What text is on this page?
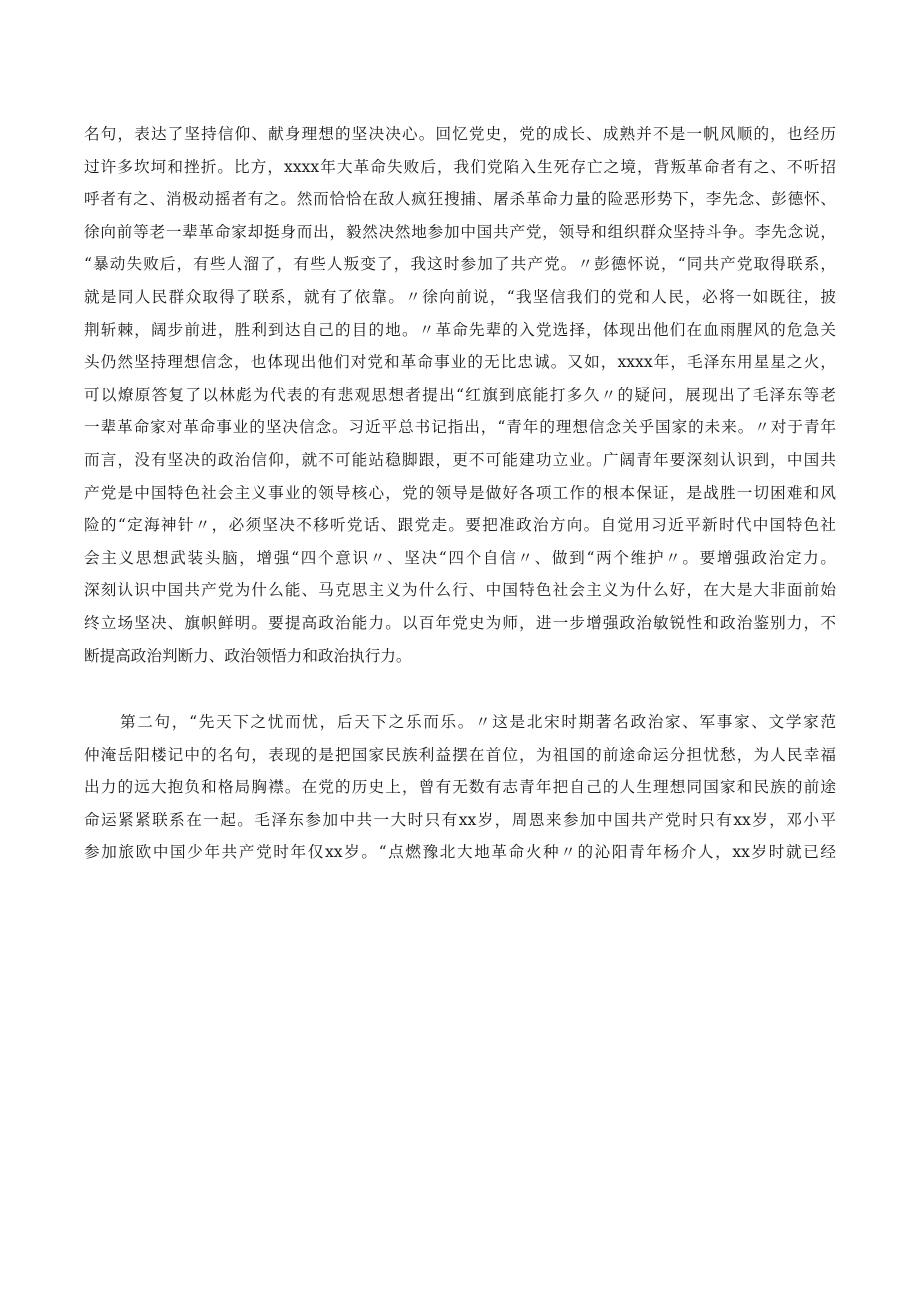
名句，表达了坚持信仰、献身理想的坚决决心。回忆党史，党的成长、成熟并不是一帆风顺的，也经历
过许多坎坷和挫折。比方，xxxx年大革命失败后，我们党陷入生死存亡之境，背叛革命者有之、不听招
呼者有之、消极动摇者有之。然而恰恰在敌人疯狂搜捕、屠杀革命力量的险恶形势下，李先念、彭德怀、
徐向前等老一辈革命家却挺身而出，毅然决然地参加中国共产党，领导和组织群众坚持斗争。李先念说，
“暴动失败后，有些人溜了，有些人叛变了，我这时参加了共产党。〃彭德怀说，“同共产党取得联系，
就是同人民群众取得了联系，就有了依靠。〃徐向前说，“我坚信我们的党和人民，必将一如既往，披
荆斩棘，阔步前进，胜利到达自己的目的地。〃革命先辈的入党选择，体现出他们在血雨腥风的危急关
头仍然坚持理想信念，也体现出他们对党和革命事业的无比忠诚。又如，xxxx年，毛泽东用星星之火，
可以燎原答复了以林彪为代表的有悲观思想者提出“红旗到底能打多久〃的疑问，展现出了毛泽东等老
一辈革命家对革命事业的坚决信念。习近平总书记指出，“青年的理想信念关乎国家的未来。〃对于青年
而言，没有坚决的政治信仰，就不可能站稳脚跟，更不可能建功立业。广阔青年要深刻认识到，中国共
产党是中国特色社会主义事业的领导核心，党的领导是做好各项工作的根本保证，是战胜一切困难和风
险的“定海神针〃，必须坚决不移听党话、跟党走。要把准政治方向。自觉用习近平新时代中国特色社
会主义思想武装头脑，增强“四个意识〃、坚决“四个自信〃、做到“两个维护〃。要增强政治定力。
深刻认识中国共产党为什么能、马克思主义为什么行、中国特色社会主义为什么好，在大是大非面前始
终立场坚决、旗帜鲜明。要提高政治能力。以百年党史为师，进一步增强政治敏锐性和政治鉴别力，不
断提高政治判断力、政治领悟力和政治执行力。

第二句，“先天下之忧而忧，后天下之乐而乐。〃这是北宋时期著名政治家、军事家、文学家范
仲淹岳阳楼记中的名句，表现的是把国家民族利益摆在首位，为祖国的前途命运分担忧愁，为人民幸福
出力的远大抱负和格局胸襟。在党的历史上，曾有无数有志青年把自己的人生理想同国家和民族的前途
命运紧紧联系在一起。毛泽东参加中共一大时只有xx岁，周恩来参加中国共产党时只有xx岁，邓小平
参加旅欧中国少年共产党时年仅xx岁。“点燃豫北大地革命火种〃的沁阳青年杨介人，xx岁时就已经
